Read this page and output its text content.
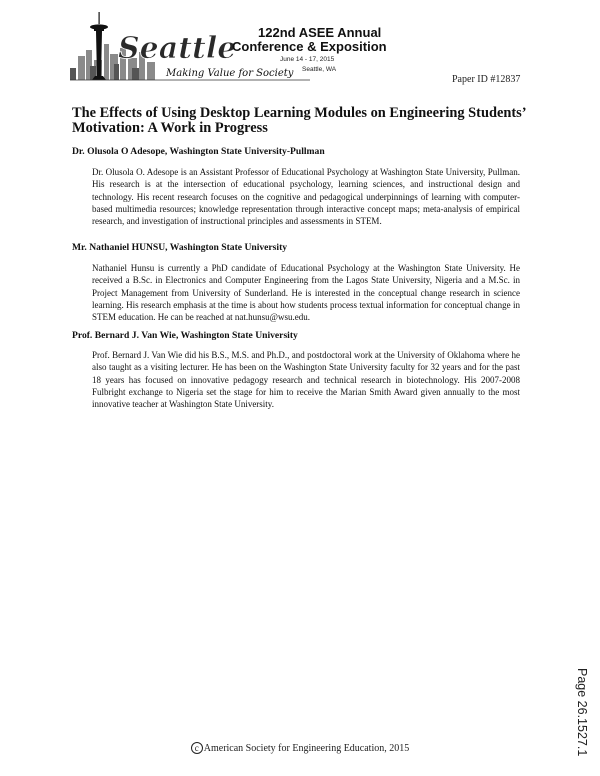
Seattle
Making Value for Society
122nd ASEE Annual
Conference & Exposition
June 14 - 17, 2015
Seattle, WA
Paper ID #12837
The Effects of Using Desktop Learning Modules on Engineering Students’ Motivation: A Work in Progress
Dr. Olusola O Adesope, Washington State University-Pullman

Dr. Olusola O. Adesope is an Assistant Professor of Educational Psychology at Washington State University, Pullman. His research is at the intersection of educational psychology, learning sciences, and instructional design and technology. His recent research focuses on the cognitive and pedagogical underpinnings of learning with computer-based multimedia resources; knowledge representation through interactive concept maps; meta-analysis of empirical research, and investigation of instructional principles and assessments in STEM.

Mr. Nathaniel HUNSU, Washington State University

Nathaniel Hunsu is currently a PhD candidate of Educational Psychology at the Washington State University. He received a B.Sc. in Electronics and Computer Engineering from the Lagos State University, Nigeria and a M.Sc. in Project Management from University of Sunderland. He is interested in the conceptual change research in science learning. His research emphasis at the time is about how students process textual information for conceptual change in STEM education. He can be reached at nat.hunsu@wsu.edu.

Prof. Bernard J. Van Wie, Washington State University

Prof. Bernard J. Van Wie did his B.S., M.S. and Ph.D., and postdoctoral work at the University of Oklahoma where he also taught as a visiting lecturer. He has been on the Washington State University faculty for 32 years and for the past 18 years has focused on innovative pedagogy research and technical research in biotechnology. His 2007-2008 Fulbright exchange to Nigeria set the stage for him to receive the Marian Smith Award given annually to the most innovative teacher at Washington State University.

Page 26.1527.1
c American Society for Engineering Education, 2015
